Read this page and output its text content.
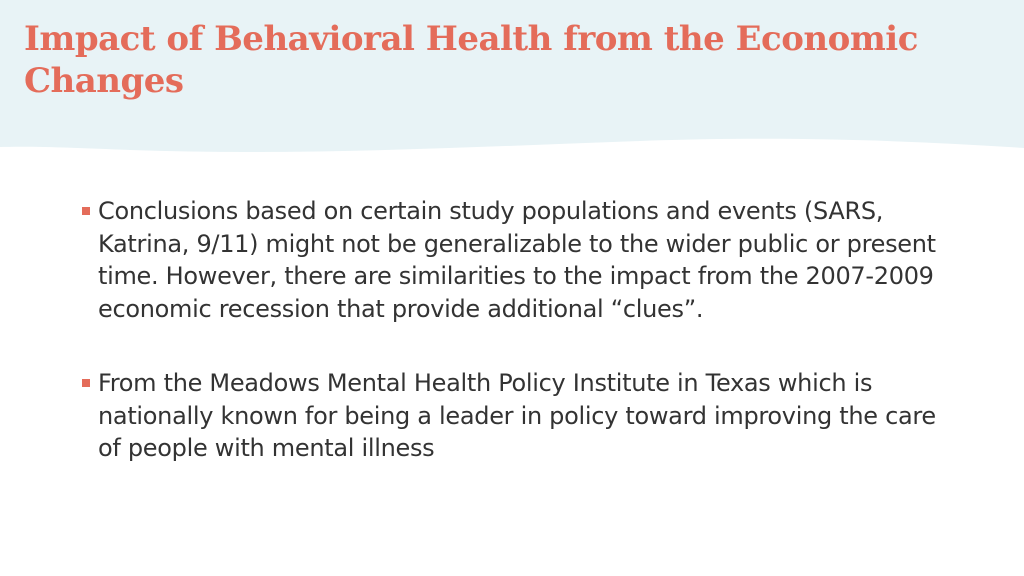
Impact of Behavioral Health from the Economic Changes
Conclusions based on certain study populations and events (SARS, Katrina, 9/11) might not be generalizable to the wider public or present time. However, there are similarities to the impact from the 2007-2009 economic recession that provide additional “clues”.
From the Meadows Mental Health Policy Institute in Texas which is nationally known for being a leader in policy toward improving the care of people with mental illness
